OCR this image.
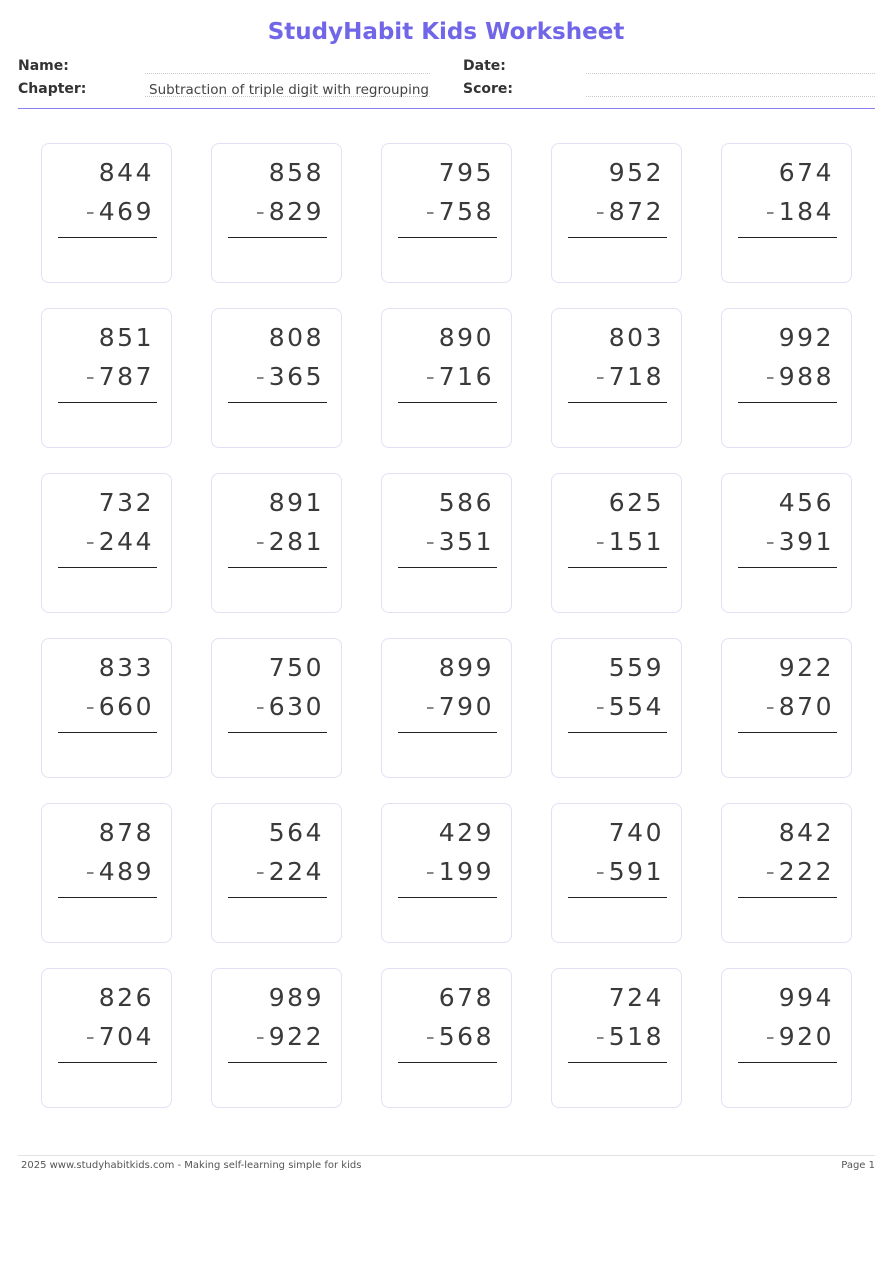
StudyHabit Kids Worksheet
Name:	Date:
Chapter:	Subtraction of triple digit with regrouping Score:
844
- 469
858
- 829
795
- 758
952
- 872
674
- 184
851
- 787
808
- 365
890
- 716
803
- 718
992
- 988
732
- 244
891
- 281
586
- 351
625
- 151
456
- 391
833
- 660
750
- 630
899
- 790
559
- 554
922
- 870
878
- 489
564
- 224
429
- 199
740
- 591
842
- 222
826
- 704
989
- 922
678
- 568
724
- 518
994
- 920
2025 www.studyhabitkids.com - Making self-learning simple for kids	Page 1
